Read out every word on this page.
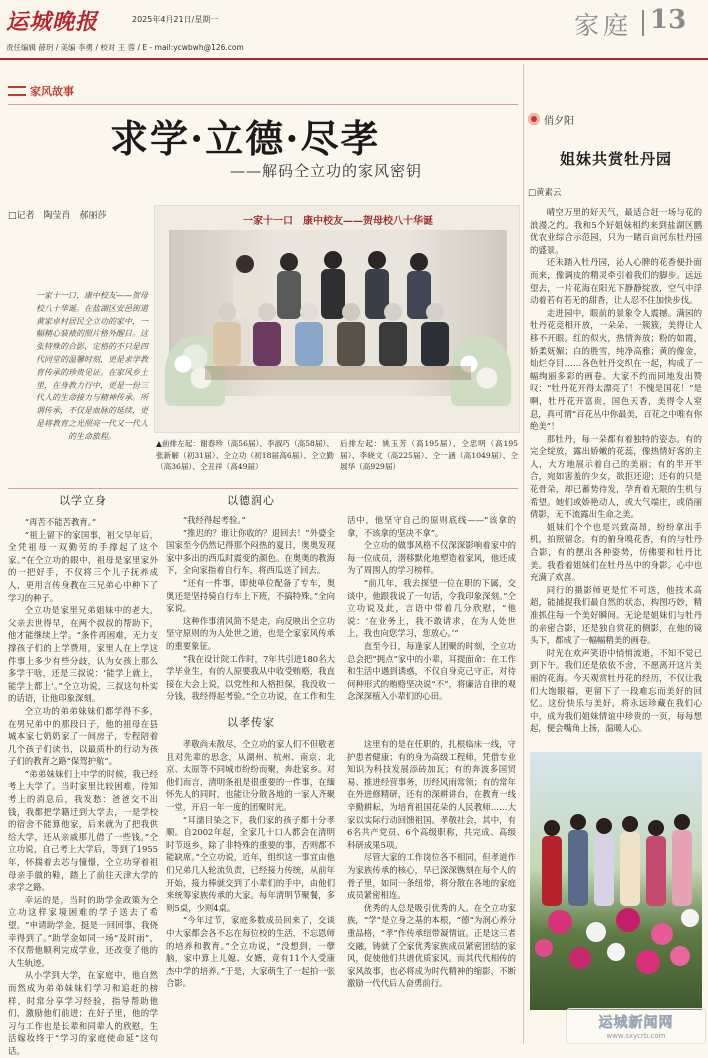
运城晚报	2025年4月21日/星期一	家庭 13
责任编辑 薛玥 / 美编 李勇 / 校对 王 蓉 / E - mail:ycwbwh@126.com
家风故事
求学·立德·尽孝
——解码仝立功的家风密钥
□记者　陶莹肖　郝丽莎
一家十一口，康中校友——贺母校八十华诞。在盐湖区安邑街道黄家卓村居民仝立功的家中，一幅精心装裱的照片格外醒目。这张特殊的合影，定格的不只是四代同堂的温馨时刻，更是求学教育传承的珍贵见证。在家风乡土里，在身教力行中，更是一份三代人的生命接力与精神传承。所谓传承，不仅是血脉的延续，更是将教育之光照亮一代又一代人的生命旅程。
一家十一口　康中校友——贺母校八十华诞
▲前排左起：谢春珍（高56届）、李淑巧（高58届）、张新解（初31届）、仝立功（初18届高6届）、仝立勤（高36届）、仝丑祥（高49届）
后排左起：姚玉芳（高195届）、仝忠明（高195届）、李晓文（高225届）、仝一涵（高1049届）、仝展华（高929届）
以学立身

“再苦不能苦教育。”

“祖上留下的家国事，祖父早年后，全凭祖母一双勤劳的手撑起了这个家。”在仝立功的眼中，祖母是家里家外的一把好手，不仅将三个儿子抚养成人，更用言传身教在三兄弟心中种下了学习的种子。

仝立功是家里兄弟姐妹中的老大，父亲去世得早，在两个叔叔的帮助下，他才能继续上学。“条件再困难，无力支撑孩子们的上学费用，家里人在上学这件事上多少有些分歧，认为女孩上那么多学干啥，还是三叔说：‘能学上就上，能学上都上’。”仝立功说，三叔这句朴实的话语，让他印象深刻。

仝立功的弟弟妹妹们都学得不多，在男兄弟中的那段日子，他的祖母在县城本家七奶奶家了一间房子，专程陪着几个孩子们读书，以最质朴的行动为孩子们的教育之路“保驾护航”。

“弟弟妹妹们上中学的时候，我已经考上大学了。当时家里比较困难，待知考上的消息后，我发愁：爸爸交不出钱，我都把学籍迁到大学去，一是学校的宿舍不能算他家，后来就为了把我供给大学，还从亲戚那儿借了一些钱。”仝立功说，自己考上大学后，等到了1955年，怀揣着去芯与憧憬，仝立功穿着祖母亲手做的鞋，踏上了前往天津大学的求学之路。

幸运的是，当时的助学金政策为仝立功这样家境困难的学子送去了希望。“申请助学金，挺是一回回事，我侥幸得到了。”助学金如同一场“及时雨”，不仅帮他顺利完成学业，还改变了他的人生轨迹。

从小学到大学，在家庭中，他自然而然成为弟弟妹妹们学习和追赶的榜样，时常分享学习经验，指导帮助他们，激励他们前进；在好子里，他的学习与工作也是长辈和同辈人的欣慰，生活嫁妆终于“学习的家庭使命延”这句话。

以德润心

“我经得起考验。”

“推迟的？谁让你收的？退回去！”外婆全国家至今仍然记得那个闷热的夏日，奥奥发现家中多出的西瓜时震变的颜色。在奥奥的教海下，全向家指着自行车，将西瓜送了回去。

“还有一件事，即使单位配备了专车，奥奥还是坚持骑自行车上下班，不搞特殊。”全向家说。

这种作事清风简不是走，向反映出仝立功坚守原则的为人处世之道，也是仝家家风传承的重要象征。

“我在设计院工作时，7年共引进180名大学毕业生，有的人原要我从中收受贿赂，我直接在大会上说，以党性和人格担保，我没收一分钱，我经得起考验。”仝立功说，在工作和生活中，他坚守自己的原则底线——“该拿的拿，不该拿的坚决不拿”。

仝立功的做事风格不仅深深影响着家中的每一位成员，潜移默化地塑造着家风，他还成为了周围人的学习榜样。

“前几年，我去探望一位在职的下属，交谈中，他跟我说了一句话，令我印象深刻。”仝立功说及此，言语中带着几分欣慰，“他说：‘在业务上，我不敢请求，在为人处世上，我也向您学习，您放心。’”

直至今日，每逢家人团聚的时刻，仝立功总会把“拥点”家中的小辈，耳提面命：在工作和生活中遇到诱惑，不仅自身克己守正，对待何种形式的贿赂坚决说“不”，将廉洁自律的观念深深植入小辈们的心田。

以孝传家

孝敬尚未散尽，仝立功的家人们不但敬老且对先辈的思念，从湖州、杭州、南京、北京、太原等不同城市纷纷而聚，奔赴家乡。对他们而言，清明条祖是很重要的一件事，在缅怀先人的同时，也能让分散各地的一家人齐聚一堂，开启一年一度的团聚时光。

“耳濡目染之下，我们家的孩子都十分孝顺。自2002年起，全家几十口人都会在清明时节返乡，除了非特殊的重要的事，否则都不能缺席。”仝立功说，近年，组织这一事宜由他们兄弟几人轮流负责，已经接力传统，从前年开始，接力棒就交到了小辈们的手中，由他们来统筹家族传承的大家。每年清明节聚餐，多则5桌，少则4桌。

“今年过节，家庭多数成员回来了，交谈中大家都会各不忘在每位校的生活，不忘恩师的培养和教育。”仝立功说，“没想到，一孽脑，家中算上儿媳、女婿，竟有11个人受康杰中学的培养。”于是，大家萌生了一起拍一张合影。

这里有的是在任职的，扎根临床一线，守护患者健康；有的身为高级工程师，凭借专业知识为科技发展添砖加瓦；有的奔波多国贸易、推进经营事务，历经风雨常领；有的常年在外进修精研，还有的深耕讲台，在教育一线辛勤耕耘，为培育祖国花朵的人民教师……大家以实际行动回馈祖国。孝敬社会，其中，有6名共产党员、6个高级职称，共完成、高级科研成果5项。

尽管大家的工作岗位各不相同，但孝道作为家族传承的核心，早已深深镌刻在每个人的骨子里，如同一条纽带，将分散在各地的家庭成员紧密相连。

优秀的人总是吸引优秀的人。在仝立功家族，“学”是立身之基的本根，“德”为润心养分重品格，“孝”作传承纽带凝情谊。正是这三者交融，铸就了仝家优秀家族成员紧密团结的家风，促使他们共谱优质家风。而其代代相传的家风故事，也必将成为时代精神的缩影，不断激励一代代后人奋勇前行。

俏夕阳
姐妹共赏牡丹园
□黄素云

晴空万里的好天气，最适合赶一场与花的浪漫之约。我和5个好姐妹相约来到盐湖区鹏优农业综合示范园，只为一睹百亩河东牡丹园的盛景。

还未踏入牡丹园，沁人心脾的花香便扑面而来，像调皮的精灵牵引着我们的脚步。远远望去，一片花海在阳光下静静绽放，空气中浮动着若有若无的甜香，让人忍不住加快步伐。

走进园中，眼前的景象令人震撼。满园的牡丹花竞相开放，一朵朵、一簇簇，美得让人移不开眼。红的似火，热情奔放；粉的如霞，娇柔妩媚；白的胜雪，纯净高雅；黄的像金，灿烂夺目……各色牡丹交织在一起，构成了一幅绚丽多彩的画卷。大家不约而同地发出赞叹：“牡丹花开得太漂亮了！不愧是国花！”是啊，牡丹花开富贵，国色天香，美得令人窒息，真可谓“百花丛中你最美，百花之中唯有你绝美”！

那牡丹，每一朵都有着独特的姿态。有的完全绽放，露出娇嫩的花蕊，像热情好客的主人，大方地展示着自己的美丽；有的半开半合，宛如害羞的少女，欲拒还迎；还有的只是花骨朵，却已蓄势待发，孕育着无限的生机与希望。她们或娇艳动人，或大气端庄，或俏丽倩影，无不流露出生命之美。

姐妹们个个也是兴致高昂，纷纷拿出手机，拍照留念。有的俯身嗅花香，有的与牡丹合影，有的摆出各种姿势，仿佛要和牡丹比美。我看着姐妹们在牡丹丛中的身影，心中也充满了欢喜。

同行的摄影师更是忙不可迭，他技术高超，能捕捉我们最自然的状态，构图巧妙，精准抓住每一个美好瞬间。无论是姐妹们与牡丹的亲密合影，还是独自赏花的侧影，在他的镜头下，都成了一幅幅精美的画卷。

时光在欢声笑语中悄悄流逝，不知不觉已到下午。我们还是依依不舍，不愿离开这片美丽的花海。今天观赏牡丹花的经历，不仅让我们大饱眼福，更留下了一段难忘而美好的回忆。这份快乐与美好，将永远珍藏在我们心中，成为我们姐妹情谊中珍贵的一页，每每想起，便会嘴角上扬，温暖人心。

运城新闻网
www.sxycrb.com
